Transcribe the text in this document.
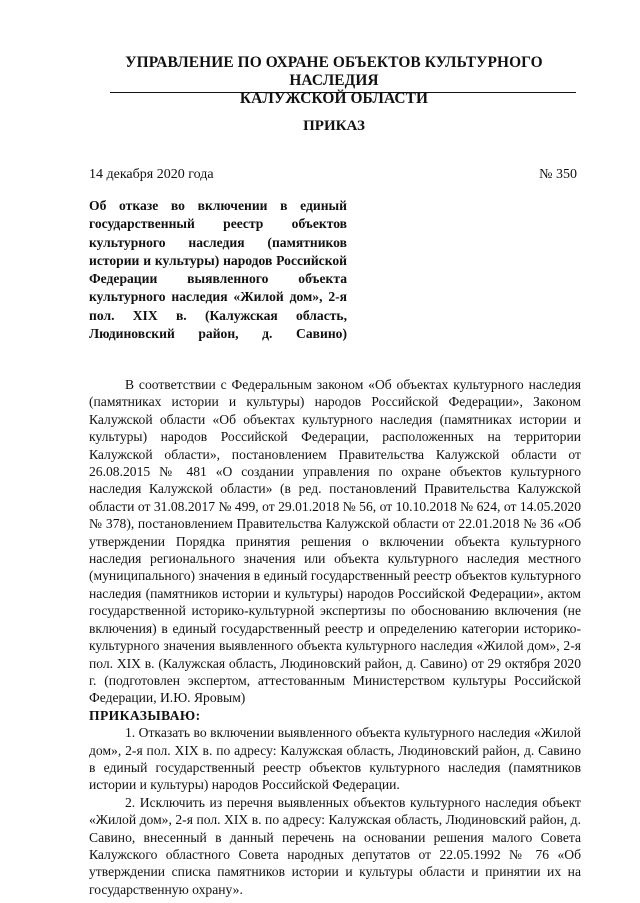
УПРАВЛЕНИЕ ПО ОХРАНЕ ОБЪЕКТОВ КУЛЬТУРНОГО НАСЛЕДИЯ
КАЛУЖСКОЙ ОБЛАСТИ
ПРИКАЗ
14 декабря 2020 года	№ 350
Об отказе во включении в единый государственный реестр объектов культурного наследия (памятников истории и культуры) народов Российской Федерации выявленного объекта культурного наследия «Жилой дом», 2-я пол. XIX в. (Калужская область, Людиновский район, д. Савино)

В соответствии с Федеральным законом «Об объектах культурного наследия (памятниках истории и культуры) народов Российской Федерации», Законом Калужской области «Об объектах культурного наследия (памятниках истории и культуры) народов Российской Федерации, расположенных на территории Калужской области», постановлением Правительства Калужской области от 26.08.2015 № 481 «О создании управления по охране объектов культурного наследия Калужской области» (в ред. постановлений Правительства Калужской области от 31.08.2017 № 499, от 29.01.2018 № 56, от 10.10.2018 № 624, от 14.05.2020 № 378), постановлением Правительства Калужской области от 22.01.2018 № 36 «Об утверждении Порядка принятия решения о включении объекта культурного наследия регионального значения или объекта культурного наследия местного (муниципального) значения в единый государственный реестр объектов культурного наследия (памятников истории и культуры) народов Российской Федерации», актом государственной историко-культурной экспертизы по обоснованию включения (не включения) в единый государственный реестр и определению категории историко-культурного значения выявленного объекта культурного наследия «Жилой дом», 2-я пол. XIX в. (Калужская область, Людиновский район, д. Савино) от 29 октября 2020 г. (подготовлен экспертом, аттестованным Министерством культуры Российской Федерации, И.Ю. Яровым)

ПРИКАЗЫВАЮ:

1. Отказать во включении выявленного объекта культурного наследия «Жилой дом», 2-я пол. XIX в. по адресу: Калужская область, Людиновский район, д. Савино в единый государственный реестр объектов культурного наследия (памятников истории и культуры) народов Российской Федерации.

2. Исключить из перечня выявленных объектов культурного наследия объект «Жилой дом», 2-я пол. XIX в. по адресу: Калужская область, Людиновский район, д. Савино, внесенный в данный перечень на основании решения малого Совета Калужского областного Совета народных депутатов от 22.05.1992 № 76 «Об утверждении списка памятников истории и культуры области и принятии их на государственную охрану».
